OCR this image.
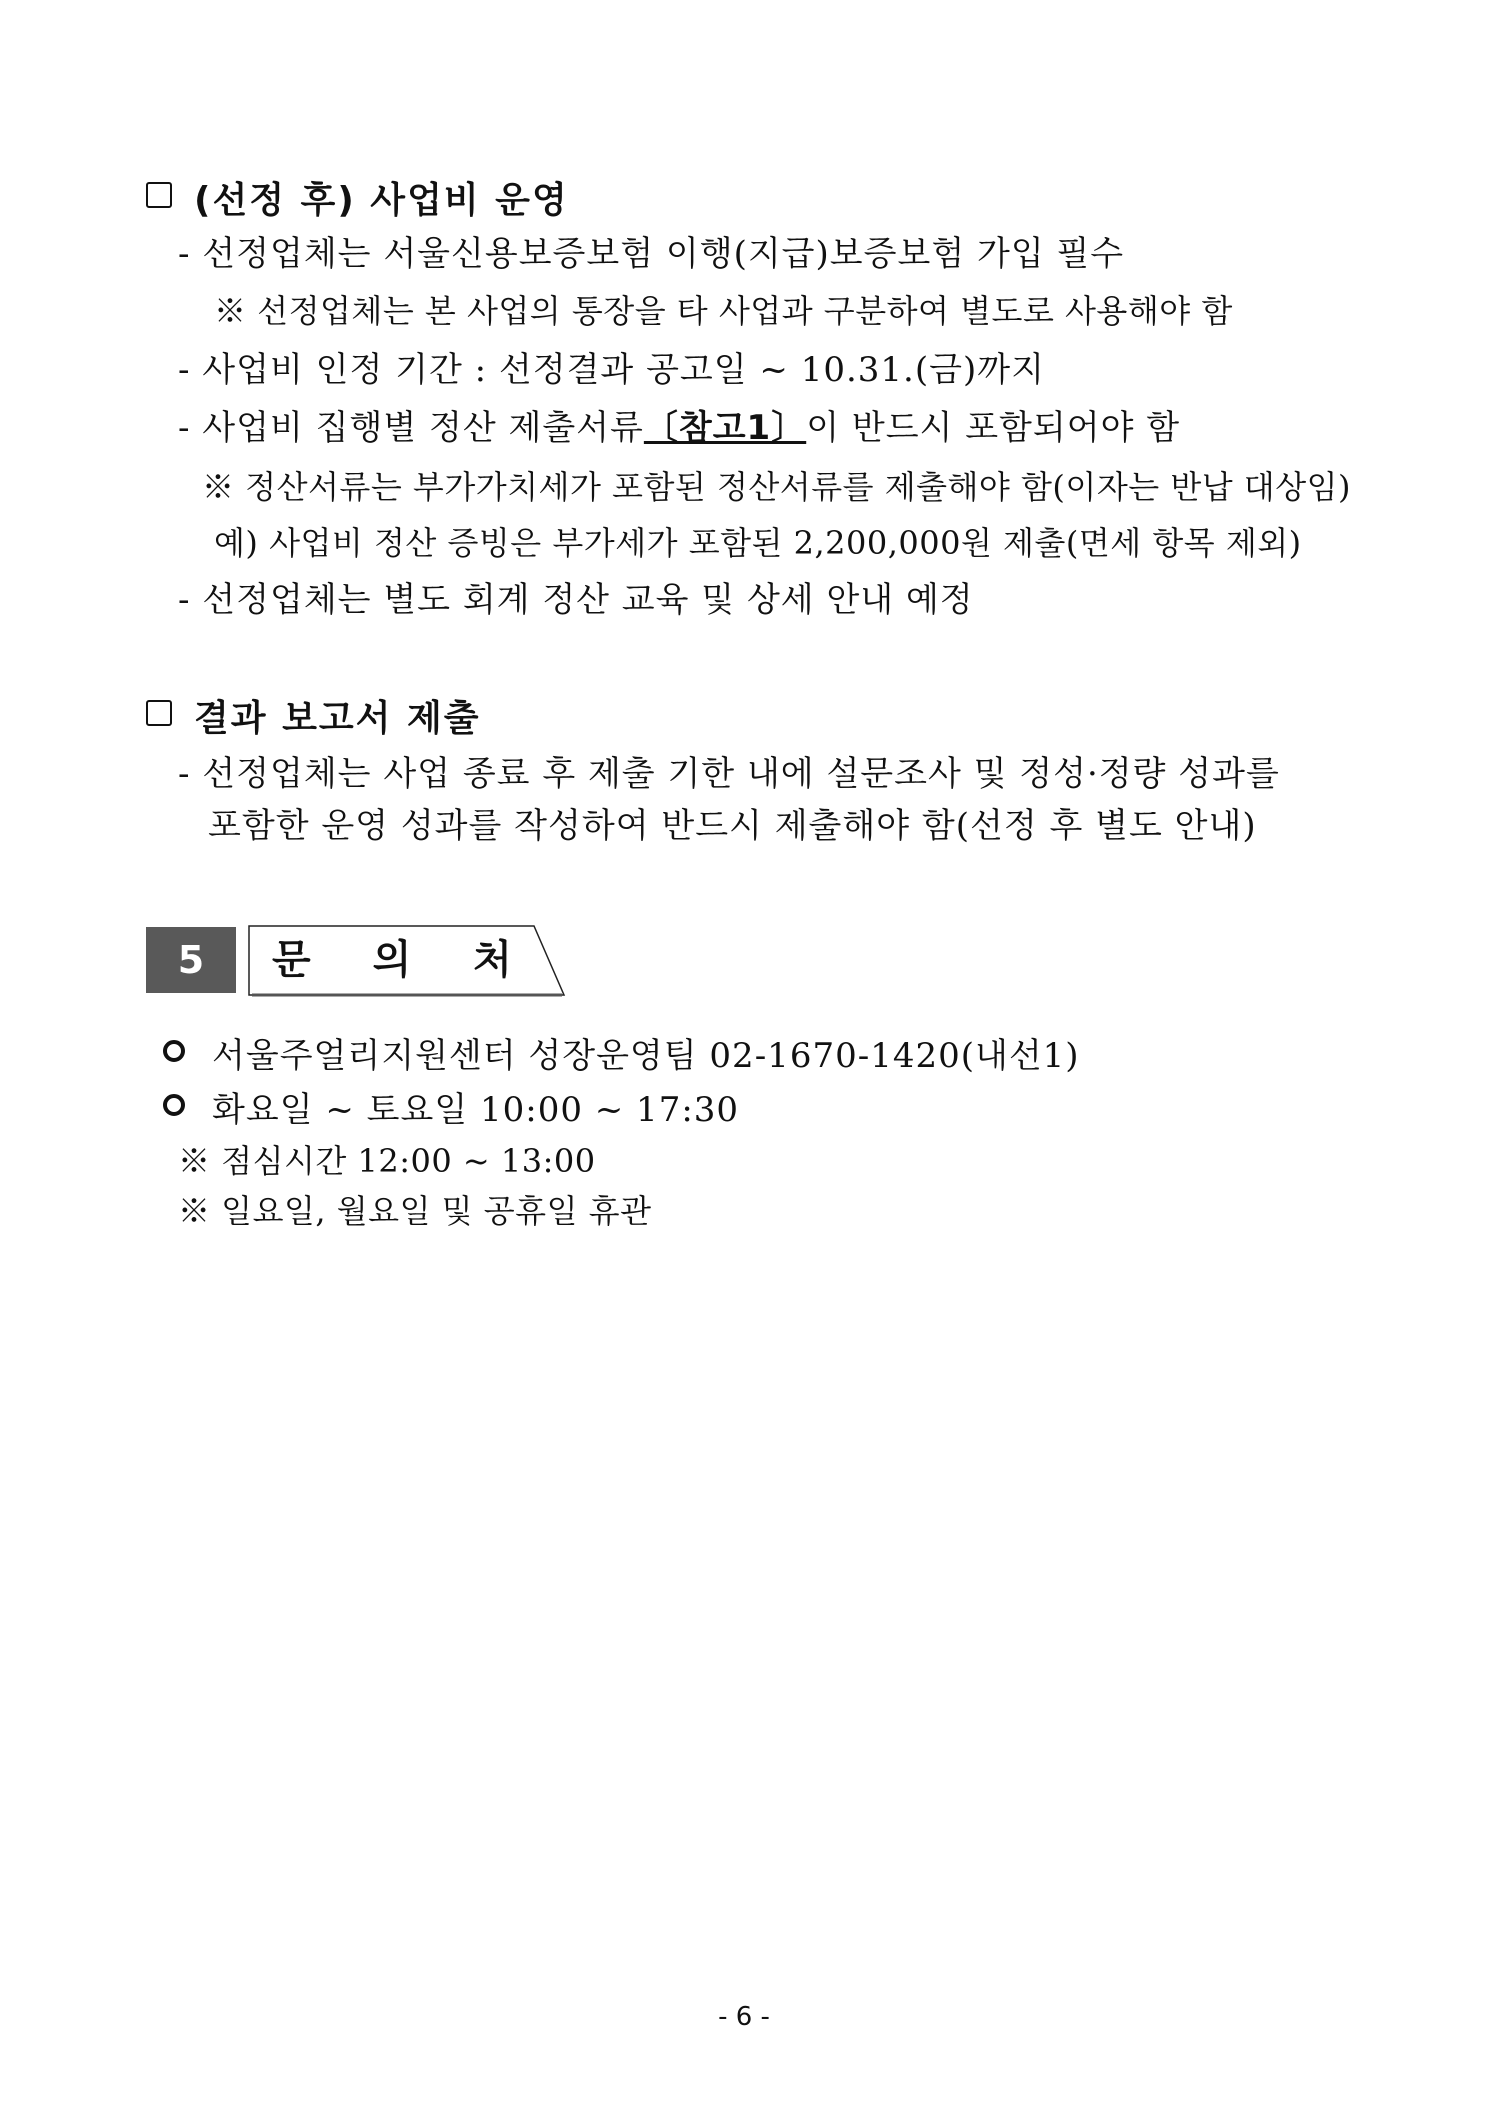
(선정 후) 사업비 운영
- 선정업체는 서울신용보증보험 이행(지급)보증보험 가입 필수
※ 선정업체는 본 사업의 통장을 타 사업과 구분하여 별도로 사용해야 함
- 사업비 인정 기간 : 선정결과 공고일 ~ 10.31.(금)까지
- 사업비 집행별 정산 제출서류〔참고1〕이 반드시 포함되어야 함
※ 정산서류는 부가가치세가 포함된 정산서류를 제출해야 함(이자는 반납 대상임)
예) 사업비 정산 증빙은 부가세가 포함된 2,200,000원 제출(면세 항목 제외)
- 선정업체는 별도 회계 정산 교육 및 상세 안내 예정
결과 보고서 제출
- 선정업체는 사업 종료 후 제출 기한 내에 설문조사 및 정성·정량 성과를
포함한 운영 성과를 작성하여 반드시 제출해야 함(선정 후 별도 안내)
5	문 의 처
서울주얼리지원센터 성장운영팀 02-1670-1420(내선1)
화요일 ~ 토요일 10:00 ~ 17:30
※ 점심시간 12:00 ~ 13:00
※ 일요일, 월요일 및 공휴일 휴관
- 6 -
